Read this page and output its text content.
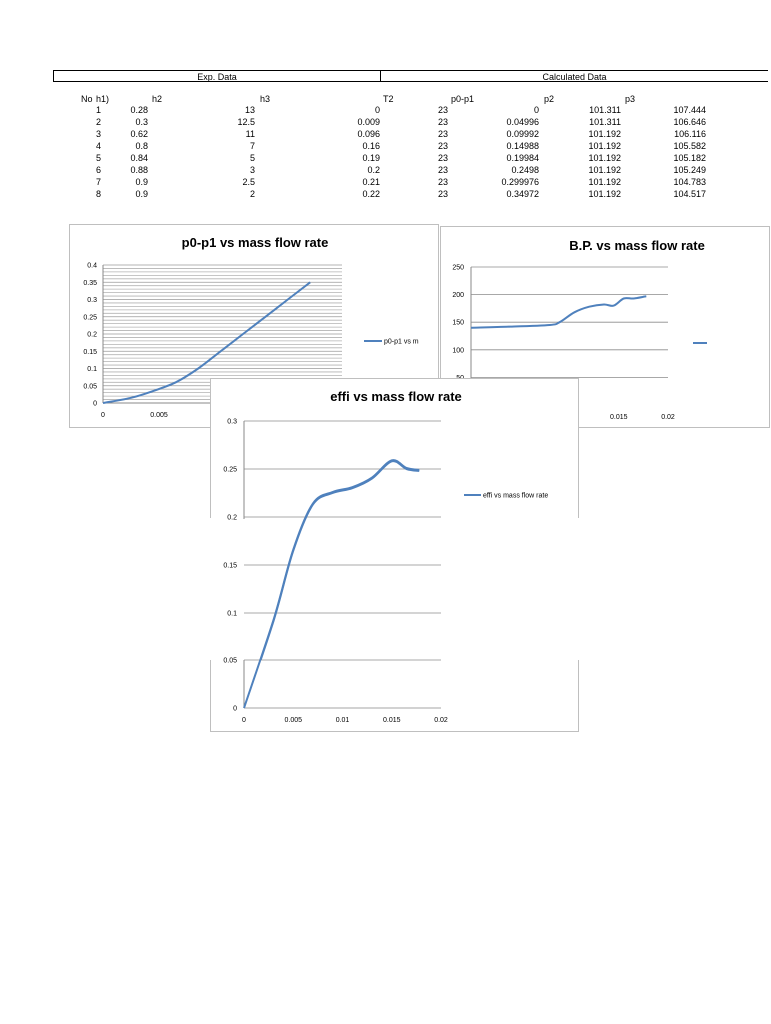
Exp. Data	Calculated Data
No h1)	h2	h3	T2	p0-p1	p2	p3
1	0.28	13	0	23	0	101.311	107.444
2	0.3	12.5	0.009	23	0.04996	101.311	106.646
3	0.62	11	0.096	23	0.09992	101.192	106.116
4	0.8	7	0.16	23	0.14988	101.192	105.582
5	0.84	5	0.19	23	0.19984	101.192	105.182
6	0.88	3	0.2	23	0.2498	101.192	105.249
7	0.9	2.5	0.21	23	0.299976	101.192	104.783
8	0.9	2	0.22	23	0.34972	101.192	104.517
p0-p1 vs mass flow rate
0
0.05
0.1
0.15
0.2
0.25
0.3
0.35
0.4
0	0.005
p0-p1 vs m
B.P. vs mass flow rate
100
150
200
250
0.015	0.02
effi vs mass flow rate
0.3
0.25
0.2
0.15
0.1
effi vs mass flow rate
0.05
0
0	0.005	0.01	0.015	0.02
